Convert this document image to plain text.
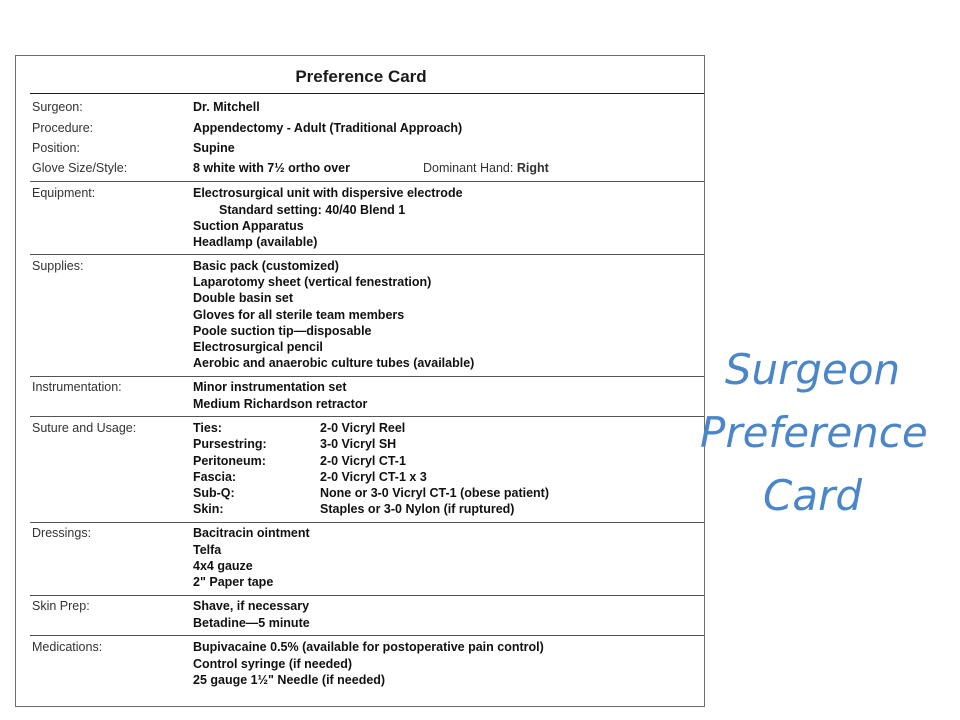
Preference Card
Surgeon:	Dr. Mitchell
Procedure:	Appendectomy - Adult (Traditional Approach)
Position:	Supine
Glove Size/Style:	8 white with 7½ ortho over	Dominant Hand: Right
Equipment:	Electrosurgical unit with dispersive electrode
Standard setting: 40/40 Blend 1
Suction Apparatus
Headlamp (available)
Supplies:	Basic pack (customized)
Laparotomy sheet (vertical fenestration)
Double basin set
Gloves for all sterile team members
Poole suction tip—disposable
Electrosurgical pencil
Aerobic and anaerobic culture tubes (available)
Instrumentation:	Minor instrumentation set
Medium Richardson retractor
Suture and Usage:	Ties:	2-0 Vicryl Reel
Pursestring:	3-0 Vicryl SH
Peritoneum:	2-0 Vicryl CT-1
Fascia:	2-0 Vicryl CT-1 x 3
Sub-Q:	None or 3-0 Vicryl CT-1 (obese patient)
Skin:	Staples or 3-0 Nylon (if ruptured)
Dressings:	Bacitracin ointment
Telfa
4x4 gauze
2" Paper tape
Skin Prep:	Shave, if necessary
Betadine—5 minute
Medications:	Bupivacaine 0.5% (available for postoperative pain control)
Control syringe (if needed)
25 gauge 1½" Needle (if needed)
Surgeon
Preference
Card
